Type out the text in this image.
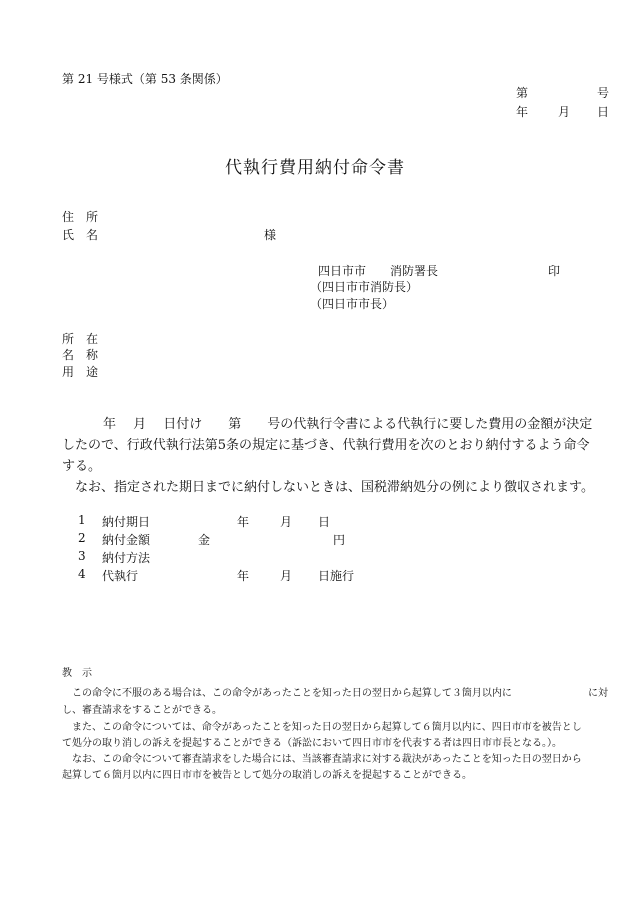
第 21 号様式（第 53 条関係）
第	号
年 月 日
代執行費用納付命令書
住　所
氏　名	様
四日市市　　消防署長	印
（四日市市消防長）
（四日市市長）
所　在
名　称
用　途
年　 月　 日付け　　第　　号の代執行令書による代執行に要した費用の金額が決定
したので、行政代執行法第5条の規定に基づき、代執行費用を次のとおり納付するよう命令
する。
なお、指定された期日までに納付しないときは、国税滞納処分の例により徴収されます。
1 納付期日	年	月 日
2 納付金額	金	円
3 納付方法
4 代執行	年	月 日施行
教　示
この命令に不服のある場合は、この命令があったことを知った日の翌日から起算して３箇月以内に	に対
し、審査請求をすることができる。
また、この命令については、命令があったことを知った日の翌日から起算して６箇月以内に、四日市市を被告とし
て処分の取り消しの訴えを提起することができる（訴訟において四日市市を代表する者は四日市市長となる。）。
なお、この命令について審査請求をした場合には、当該審査請求に対する裁決があったことを知った日の翌日から
起算して６箇月以内に四日市市を被告として処分の取消しの訴えを提起することができる。
